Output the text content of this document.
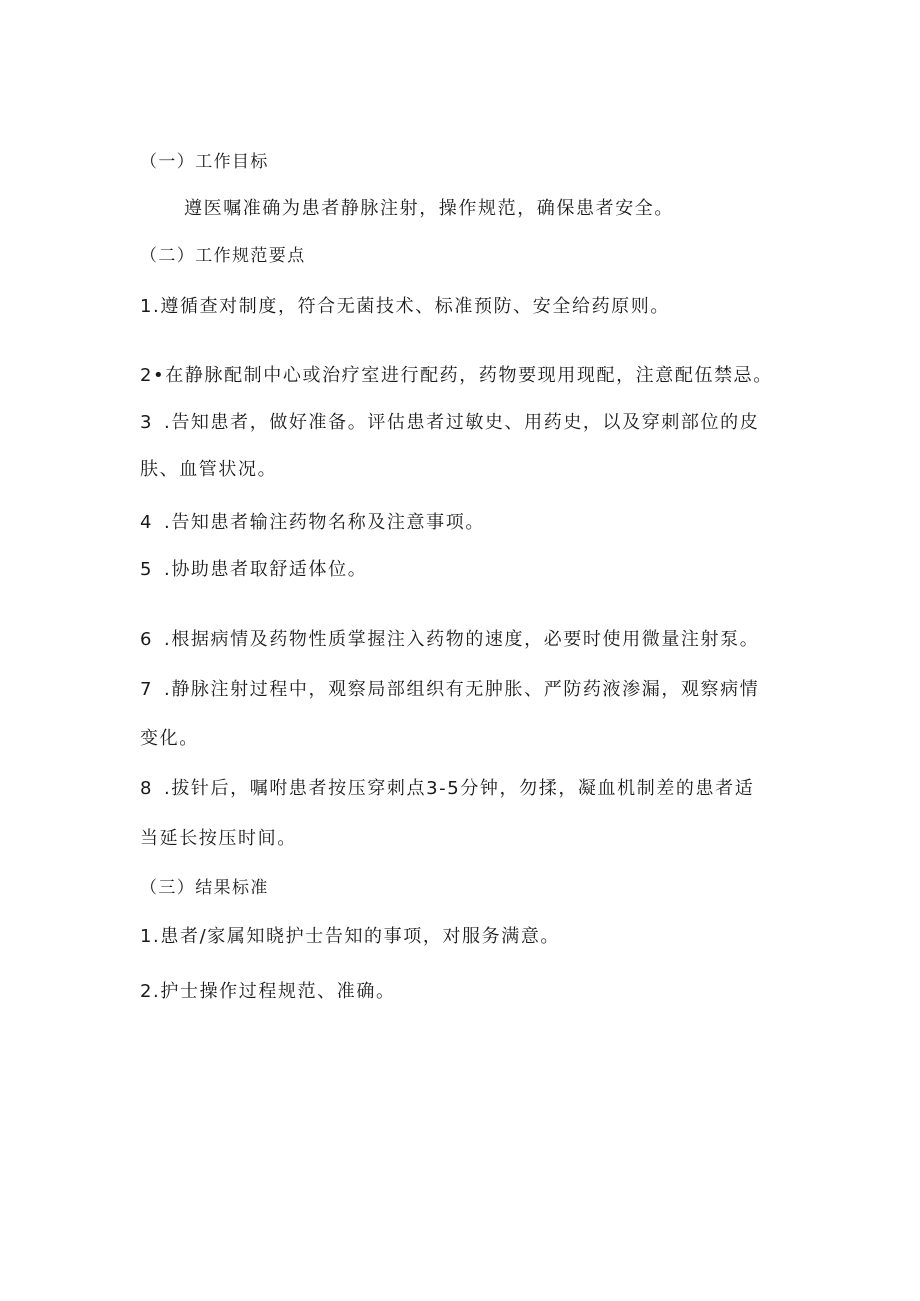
（一）工作目标

遵医嘱准确为患者静脉注射，操作规范，确保患者安全。

（二）工作规范要点

1.遵循查对制度，符合无菌技术、标准预防、安全给药原则。

2•在静脉配制中心或治疗室进行配药，药物要现用现配，注意配伍禁忌。

3 .告知患者，做好准备。评估患者过敏史、用药史，以及穿刺部位的皮

肤、血管状况。

4 .告知患者输注药物名称及注意事项。

5 .协助患者取舒适体位。

6 .根据病情及药物性质掌握注入药物的速度，必要时使用微量注射泵。

7 .静脉注射过程中，观察局部组织有无肿胀、严防药液渗漏，观察病情

变化。

8 .拔针后，嘱咐患者按压穿刺点3-5分钟，勿揉，凝血机制差的患者适

当延长按压时间。

（三）结果标准

1.患者/家属知晓护士告知的事项，对服务满意。

2.护士操作过程规范、准确。
